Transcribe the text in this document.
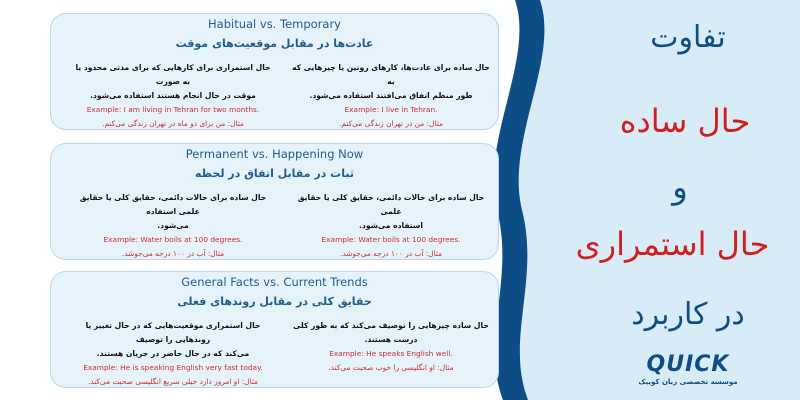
Habitual vs. Temporary
عادت‌ها در مقابل موقعیت‌های موقت
حال ساده برای عادت‌ها، کارهای روتین یا چیزهایی که به
طور منظم اتفاق می‌افتند استفاده می‌شود.
Example: I live in Tehran.
مثال: من در تهران زندگی می‌کنم.
حال استمراری برای کارهایی که برای مدتی محدود یا به صورت
موقت در حال انجام هستند استفاده می‌شود.
Example: I am living in Tehran for two months.
مثال: من برای دو ماه در تهران زندگی می‌کنم.
Permanent vs. Happening Now
ثبات در مقابل اتفاق در لحظه
حال ساده برای حالات دائمی، حقایق کلی یا حقایق علمی
استفاده می‌شود.
Example: Water boils at 100 degrees.
مثال: آب در ۱۰۰ درجه می‌جوشد.
حال ساده برای حالات دائمی، حقایق کلی یا حقایق علمی استفاده
می‌شود.
Example: Water boils at 100 degrees.
مثال: آب در ۱۰۰ درجه می‌جوشد.
General Facts vs. Current Trends
حقایق کلی در مقابل روندهای فعلی
حال ساده چیزهایی را توصیف می‌کند که به طور کلی
درست هستند.
Example: He speaks English well.
مثال: او انگلیسی را خوب صحبت می‌کند.
حال استمراری موقعیت‌هایی که در حال تغییر یا روندهایی را توصیف
می‌کند که در حال حاضر در جریان هستند.
Example: He is speaking English very fast today.
مثال: او امروز دارد خیلی سریع انگلیسی صحبت می‌کند.
تفاوت
حال ساده
و
حال استمراری
در کاربرد
QUICK
موسسه تخصصی زبان کوییک
